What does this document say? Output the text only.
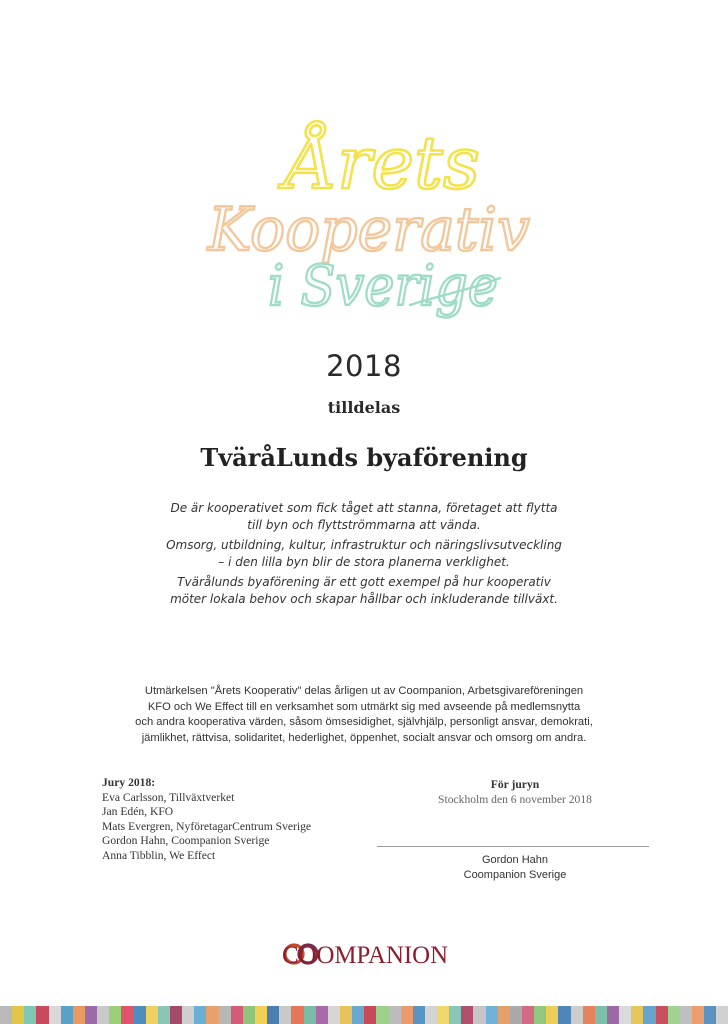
Årets
Kooperativ
i Sverige
2018
tilldelas
TväråLunds byaförening
De är kooperativet som fick tåget att stanna, företaget att flytta
till byn och flyttströmmarna att vända.
Omsorg, utbildning, kultur, infrastruktur och näringslivsutveckling
– i den lilla byn blir de stora planerna verklighet.
Tvärålunds byaförening är ett gott exempel på hur kooperativ
möter lokala behov och skapar hållbar och inkluderande tillväxt.
Utmärkelsen "Årets Kooperativ" delas årligen ut av Coompanion, Arbetsgivareföreningen
KFO och We Effect till en verksamhet som utmärkt sig med avseende på medlemsnytta
och andra kooperativa värden, såsom ömsesidighet, självhjälp, personligt ansvar, demokrati,
jämlikhet, rättvisa, solidaritet, hederlighet, öppenhet, socialt ansvar och omsorg om andra.
Jury 2018:
Eva Carlsson, Tillväxtverket
Jan Edén, KFO
Mats Evergren, NyföretagarCentrum Sverige
Gordon Hahn, Coompanion Sverige
Anna Tibblin, We Effect
För juryn
Stockholm den 6 november 2018
Gordon Hahn
Coompanion Sverige
COOMPANION
